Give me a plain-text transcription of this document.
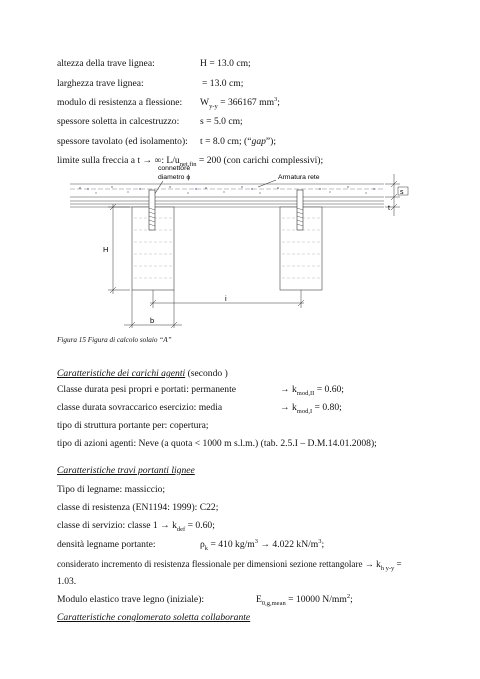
altezza della trave lignea:	H = 13.0 cm;
larghezza trave lignea:	= 13.0 cm;
modulo di resistenza a flessione: $W_{y-y} = 366167$ $mm^3$;
spessore soletta in calcestruzzo: s = 5.0 cm;
spessore tavolato (ed isolamento): t = 8.0 cm; (“gap”);
limite sulla freccia a t → ∞: $L/u_{net,fin} = 200$ (con carichi complessivi);
connettore
diametro ϕ	Armatura rete
s
t
H
i
b
Figura 15 Figura di calcolo solaio “A”
Caratteristiche dei carichi agenti (secondo )
Classe durata pesi propri e portati: permanente	→ $k_{mod,II} = 0.60$;
classe durata sovraccarico esercizio: media	→ $k_{mod,I} = 0.80$;
tipo di struttura portante per: copertura;
tipo di azioni agenti: Neve (a quota < 1000 m s.l.m.) (tab. 2.5.I – D.M.14.01.2008);
Caratteristiche travi portanti lignee
Tipo di legname: massiccio;
classe di resistenza (EN1194: 1999): C22;
classe di servizio: classe $1 \to k_{def} = 0.60$;
densità legname portante:	$\rho_k = 410$ $kg/m^3 \to 4.022$ $kN/m^3$;
considerato incremento di resistenza flessionale per dimensioni sezione rettangolare → $k_{h y-y}$ =
1.03.
Modulo elastico trave legno (iniziale):	$E_{0,g,mean} = 10000$ $N/mm^2$;
Caratteristiche conglomerato soletta collaborante
